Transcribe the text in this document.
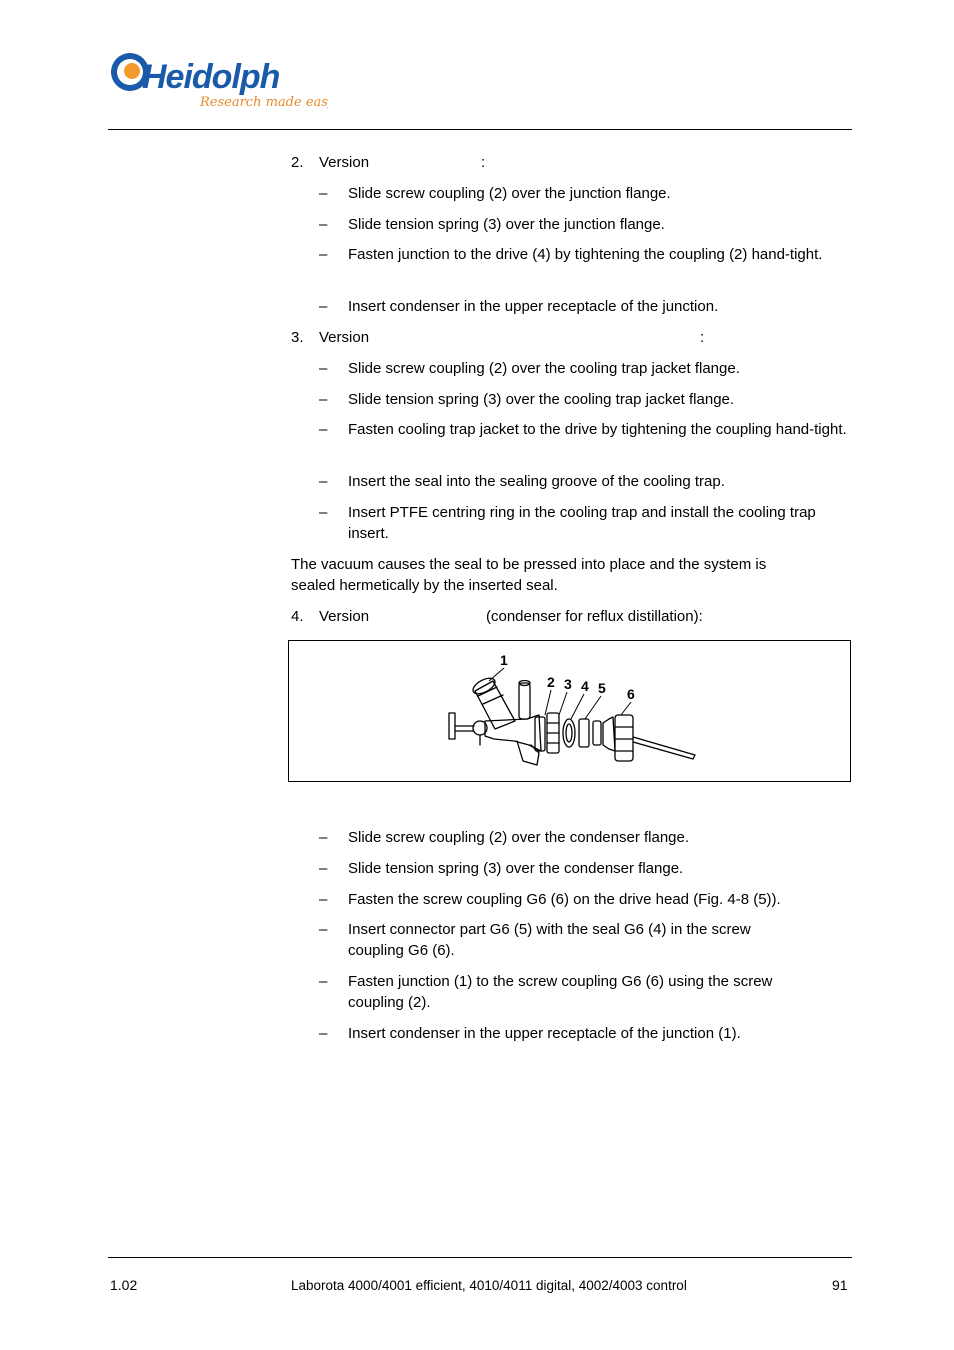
Heidolph
Research made easy
2. Version	:
– Slide screw coupling (2) over the junction flange.
– Slide tension spring (3) over the junction flange.
– Fasten junction to the drive (4) by tightening the coupling (2) hand-tight.
– Insert condenser in the upper receptacle of the junction.
3. Version	:
– Slide screw coupling (2) over the cooling trap jacket flange.
– Slide tension spring (3) over the cooling trap jacket flange.
– Fasten cooling trap jacket to the drive by tightening the coupling hand-tight.
– Insert the seal into the sealing groove of the cooling trap.
– Insert PTFE centring ring in the cooling trap and install the cooling trap insert.
The vacuum causes the seal to be pressed into place and the system is sealed hermetically by the inserted seal.
4. Version	(condenser for reflux distillation):
1
2 3 4 5 6
– Slide screw coupling (2) over the condenser flange.
– Slide tension spring (3) over the condenser flange.
– Fasten the screw coupling G6 (6) on the drive head (Fig. 4-8 (5)).
– Insert connector part G6 (5) with the seal G6 (4) in the screw coupling G6 (6).
– Fasten junction (1) to the screw coupling G6 (6) using the screw coupling (2).
– Insert condenser in the upper receptacle of the junction (1).
1.02	Laborota 4000/4001 efficient, 4010/4011 digital, 4002/4003 control	91
